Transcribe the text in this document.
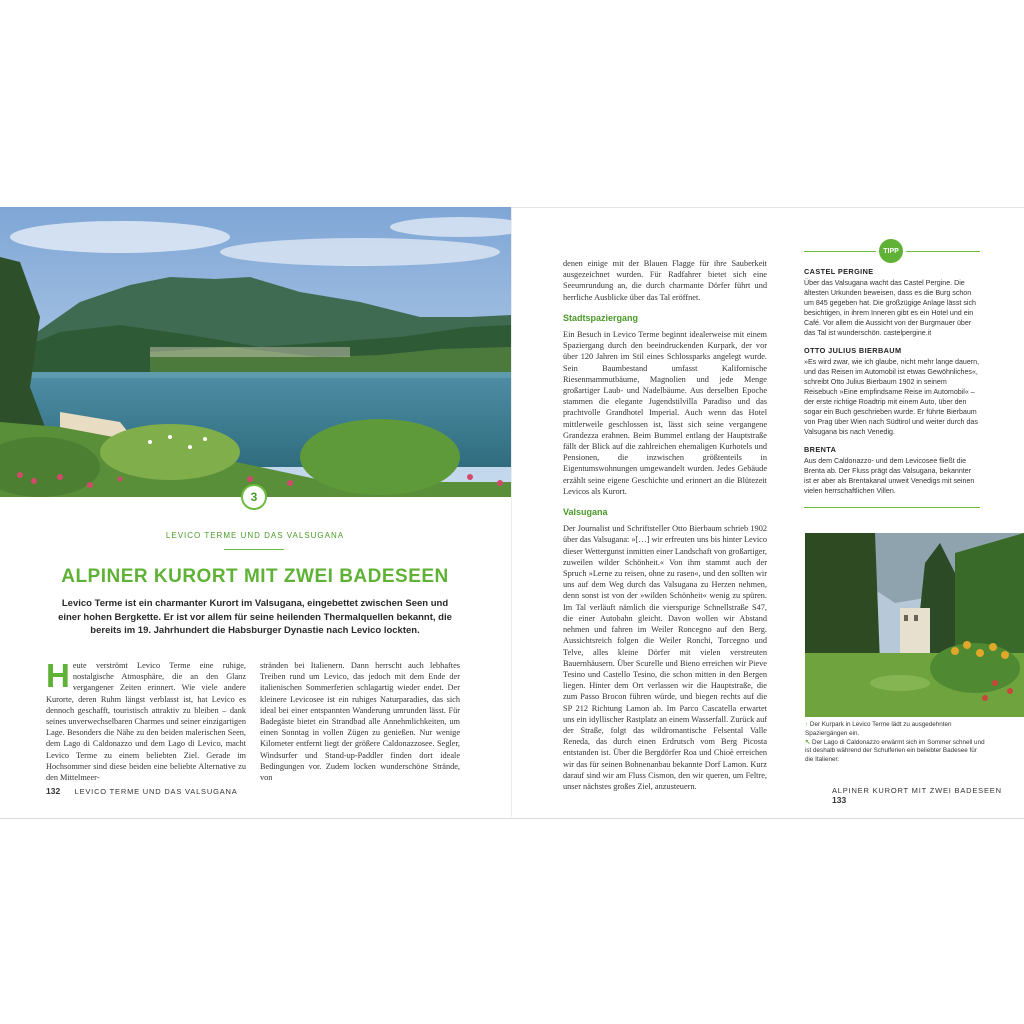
3
LEVICO TERME UND DAS VALSUGANA
ALPINER KURORT MIT ZWEI BADESEEN
Levico Terme ist ein charmanter Kurort im Valsugana, eingebettet zwischen Seen und einer hohen Bergkette. Er ist vor allem für seine heilenden Thermalquellen bekannt, die bereits im 19. Jahrhundert die Habsburger Dynastie nach Levico lockten.
H eute verströmt Levico Terme eine ruhige, nostalgische Atmosphäre, die an den Glanz vergangener Zeiten erinnert. Wie viele andere Kurorte, deren Ruhm längst verblasst ist, hat Levico es dennoch geschafft, touristisch attraktiv zu bleiben – dank seines unverwechselbaren Charmes und seiner einzigartigen Lage. Besonders die Nähe zu den beiden malerischen Seen, dem Lago di Caldonazzo und dem Lago di Levico, macht Levico Terme zu einem beliebten Ziel. Gerade im Hochsommer sind diese beiden eine beliebte Alternative zu den Mittelmeer-

stränden bei Italienern. Dann herrscht auch lebhaftes Treiben rund um Levico, das jedoch mit dem Ende der italienischen Sommerferien schlagartig wieder endet. Der kleinere Levicosee ist ein ruhiges Naturparadies, das sich ideal bei einer entspannten Wanderung umrunden lässt. Für Badegäste bietet ein Strandbad alle Annehmlichkeiten, um einen Sonntag in vollen Zügen zu genießen. Nur wenige Kilometer entfernt liegt der größere Caldonazzosee. Segler, Windsurfer und Stand-up-Paddler finden dort ideale Bedingungen vor. Zudem locken wunderschöne Strände, von

132 LEVICO TERME UND DAS VALSUGANA

denen einige mit der Blauen Flagge für ihre Sauberkeit ausgezeichnet wurden. Für Radfahrer bietet sich eine Seeumrundung an, die durch charmante Dörfer führt und herrliche Ausblicke über das Tal eröffnet.

Stadtspaziergang

Ein Besuch in Levico Terme beginnt idealerweise mit einem Spaziergang durch den beeindruckenden Kurpark, der vor über 120 Jahren im Stil eines Schlossparks angelegt wurde. Sein Baumbestand umfasst Kalifornische Riesenmammutbäume, Magnolien und jede Menge großartiger Laub- und Nadelbäume. Aus derselben Epoche stammen die elegante Jugendstilvilla Paradiso und das prachtvolle Grandhotel Imperial. Auch wenn das Hotel mittlerweile geschlossen ist, lässt sich seine vergangene Grandezza erahnen. Beim Bummel entlang der Hauptstraße fällt der Blick auf die zahlreichen ehemaligen Kurhotels und Pensionen, die inzwischen größtenteils in Eigentumswohnungen umgewandelt wurden. Jedes Gebäude erzählt seine eigene Geschichte und erinnert an die Blütezeit Levicos als Kurort.

Valsugana

Der Journalist und Schriftsteller Otto Bierbaum schrieb 1902 über das Valsugana: »[…] wir erfreuten uns bis hinter Levico dieser Wettergunst inmitten einer Landschaft von großartiger, zuweilen wilder Schönheit.« Von ihm stammt auch der Spruch »Lerne zu reisen, ohne zu rasen«, und den sollten wir uns auf dem Weg durch das Valsugana zu Herzen nehmen, denn sonst ist von der »wilden Schönheit« wenig zu spüren. Im Tal verläuft nämlich die vierspurige Schnellstraße S47, die einer Autobahn gleicht. Davon wollen wir Abstand nehmen und fahren im Weiler Roncegno auf den Berg. Aussichtsreich folgen die Weiler Ronchi, Torcegno und Telve, alles kleine Dörfer mit vielen verstreuten Bauernhäusern. Über Scurelle und Bieno erreichen wir Pieve Tesino und Castello Tesino, die schon mitten in den Bergen liegen. Hinter dem Ort verlassen wir die Hauptstraße, die zum Passo Brocon führen würde, und biegen rechts auf die SP 212 Richtung Lamon ab. Im Parco Cascatella erwartet uns ein idyllischer Rastplatz an einem Wasserfall. Zurück auf der Straße, folgt das wildromantische Felsental Valle Reneda, das durch einen Erdrutsch vom Berg Picosta entstanden ist. Über die Bergdörfer Roa und Chioè erreichen wir das für seinen Bohnenanbau bekannte Dorf Lamon. Kurz darauf sind wir am Fluss Cismon, den wir queren, um Feltre, unser nächstes großes Ziel, anzusteuern.

TIPP
CASTEL PERGINE

Über das Valsugana wacht das Castel Pergine. Die ältesten Urkunden beweisen, dass es die Burg schon um 845 gegeben hat. Die großzügige Anlage lässt sich besichtigen, in ihrem Inneren gibt es ein Hotel und ein Café. Vor allem die Aussicht von der Burgmauer über das Tal ist wunderschön. castelpergine.it

OTTO JULIUS BIERBAUM

»Es wird zwar, wie ich glaube, nicht mehr lange dauern, und das Reisen im Automobil ist etwas Gewöhnliches«, schreibt Otto Julius Bierbaum 1902 in seinem Reisebuch »Eine empfindsame Reise im Automobil« – der erste richtige Roadtrip mit einem Auto, über den sogar ein Buch geschrieben wurde. Er führte Bierbaum von Prag über Wien nach Südtirol und weiter durch das Valsugana bis nach Venedig.

BRENTA

Aus dem Caldonazzo- und dem Levicosee fließt die Brenta ab. Der Fluss prägt das Valsugana, bekannter ist er aber als Brentakanal unweit Venedigs mit seinen vielen herrschaftlichen Villen.

↑ Der Kurpark in Levico Terme lädt zu ausgedehnten Spaziergängen ein.

↖ Der Lago di Caldonazzo erwärmt sich im Sommer schnell und ist deshalb während der Schulferien ein beliebter Badesee für die Italiener.

ALPINER KURORT MIT ZWEI BADESEEN     133
